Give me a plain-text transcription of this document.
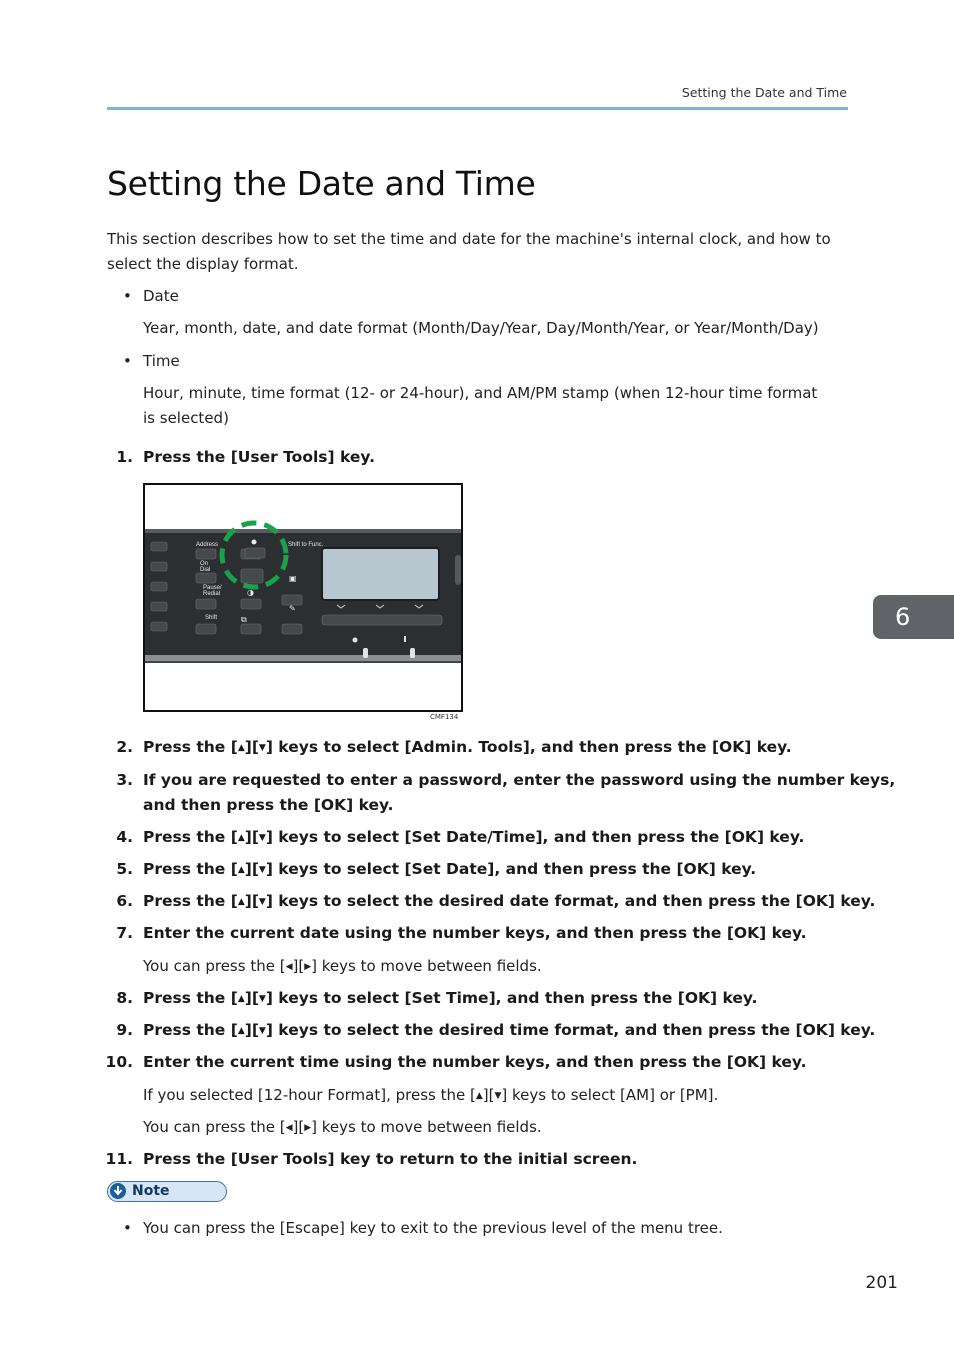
Setting the Date and Time
Setting the Date and Time
This section describes how to set the time and date for the machine's internal clock, and how to select the display format.
• Date
Year, month, date, and date format (Month/Day/Year, Day/Month/Year, or Year/Month/Day)
• Time
Hour, minute, time format (12- or 24-hour), and AM/PM stamp (when 12-hour time format is selected)
1. Press the [User Tools] key.
Address
On
Dial
Pause/
Redial
Shift
Shift to Func.
▣
✎
◑
⧉
CMF134
2. Press the [▲][▼] keys to select [Admin. Tools], and then press the [OK] key.
3. If you are requested to enter a password, enter the password using the number keys,
and then press the [OK] key.
4. Press the [▲][▼] keys to select [Set Date/Time], and then press the [OK] key.
5. Press the [▲][▼] keys to select [Set Date], and then press the [OK] key.
6. Press the [▲][▼] keys to select the desired date format, and then press the [OK] key.
7. Enter the current date using the number keys, and then press the [OK] key.
You can press the [◀][▶] keys to move between fields.
8. Press the [▲][▼] keys to select [Set Time], and then press the [OK] key.
9. Press the [▲][▼] keys to select the desired time format, and then press the [OK] key.
10. Enter the current time using the number keys, and then press the [OK] key.
If you selected [12-hour Format], press the [▲][▼] keys to select [AM] or [PM].
You can press the [◀][▶] keys to move between fields.
11. Press the [User Tools] key to return to the initial screen.
Note
• You can press the [Escape] key to exit to the previous level of the menu tree.
6
201
